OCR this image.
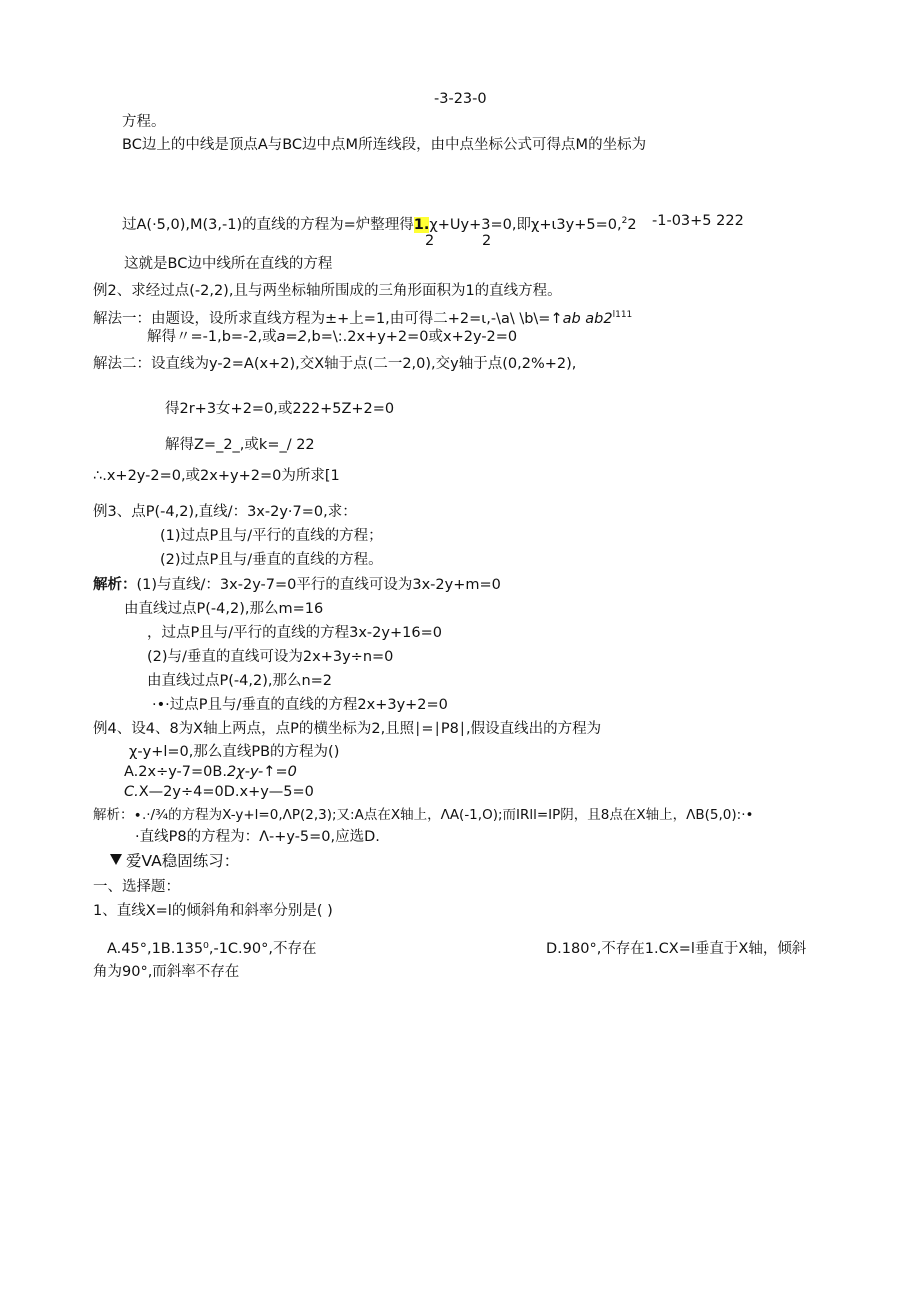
-3-23-0
方程。
BC边上的中线是顶点A与BC边中点M所连线段，由中点坐标公式可得点M的坐标为
过A(·5,0),M(3,-1)的直线的方程为=炉整理得1.χ+Uy+3=0,即χ+ι3y+5=0,$^2$2 -1-03+5 222
2	2
这就是BC边中线所在直线的方程
例2、求经过点(-2,2),且与两坐标轴所围成的三角形面积为1的直线方程。
解法一：由题设，设所求直线方程为±+上=1,由可得二+2=ι,-\a\ \b\=↑ab $ab2^{l111}$
解得〃=-1,b=-2,或a=2,b=\:.2x+y+2=0或x+2y-2=0
解法二：设直线为y-2=A(x+2),交X轴于点(二一2,0),交y轴于点(0,2%+2),
得2r+3女+2=0,或222+5Z+2=0
解得Z=_2_,或k=_/ 22
∴.x+2y-2=0,或2x+y+2=0为所求[1
例3、点P(-4,2),直线/：3x-2y·7=0,求：
(1)过点P且与/平行的直线的方程；
(2)过点P且与/垂直的直线的方程。
解析：(1)与直线/：3x-2y-7=0平行的直线可设为3x-2y+m=0
由直线过点P(-4,2),那么m=16
，过点P且与/平行的直线的方程3x-2y+16=0
(2)与/垂直的直线可设为2x+3y÷n=0
由直线过点P(-4,2),那么n=2
·•·过点P且与/垂直的直线的方程2x+3y+2=0
例4、设4、8为X轴上两点，点P的横坐标为2,且照∣=∣P8∣,假设直线出的方程为
χ-y+l=0,那么直线PB的方程为()
A.2x÷y-7=0B.2χ-y-↑=0
C.X—2y÷4=0D.x+y—5=0
解析：∙.·/¾的方程为X-y+l=0,ΛP(2,3);又:A点在X轴上，ΛA(-1,O);而IRll=IP阴，且8点在X轴上，ΛB(5,0):·•
·直线P8的方程为：Λ-+y-5=0,应选D.
爱VA稳固练习：
一、选择题：
1、直线X=l的倾斜角和斜率分别是( )
A.45°,1B.135⁰,-1C.90°,不存在	D.180°,不存在1.CX=l垂直于X轴，倾斜
角为90°,而斜率不存在
